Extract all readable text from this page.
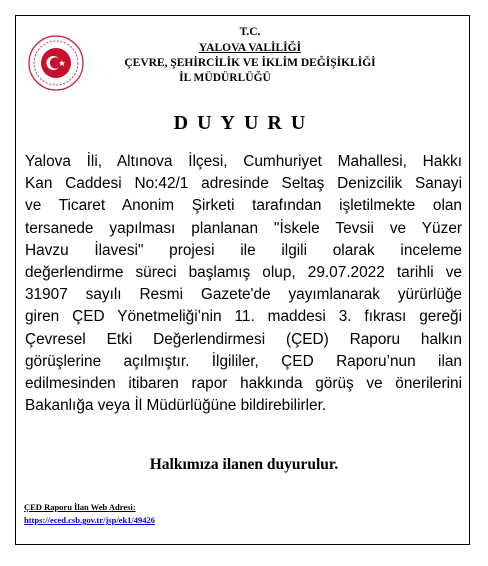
T.C.
YALOVA VALİLİĞİ
ÇEVRE, ŞEHİRCİLİK VE İKLİM DEĞİŞİKLİĞİ
İL MÜDÜRLÜĞÜ
DUYURU
Yalova İli, Altınova İlçesi, Cumhuriyet Mahallesi, Hakkı
Kan Caddesi No:42/1 adresinde Seltaş Denizcilik Sanayi
ve Ticaret Anonim Şirketi tarafından işletilmekte olan
tersanede yapılması planlanan "İskele Tevsii ve Yüzer
Havzu İlavesi" projesi ile ilgili olarak inceleme
değerlendirme süreci başlamış olup, 29.07.2022 tarihli ve
31907 sayılı Resmi Gazete'de yayımlanarak yürürlüğe
giren ÇED Yönetmeliği’nin 11. maddesi 3. fıkrası gereği
Çevresel Etki Değerlendirmesi (ÇED) Raporu halkın
görüşlerine açılmıştır. İlgililer, ÇED Raporu’nun ilan
edilmesinden itibaren rapor hakkında görüş ve önerilerini
Bakanlığa veya İl Müdürlüğüne bildirebilirler.
Halkımıza ilanen duyurulur.
ÇED Raporu İlan Web Adresi:
https://eced.csb.gov.tr/jsp/ek1/49426
